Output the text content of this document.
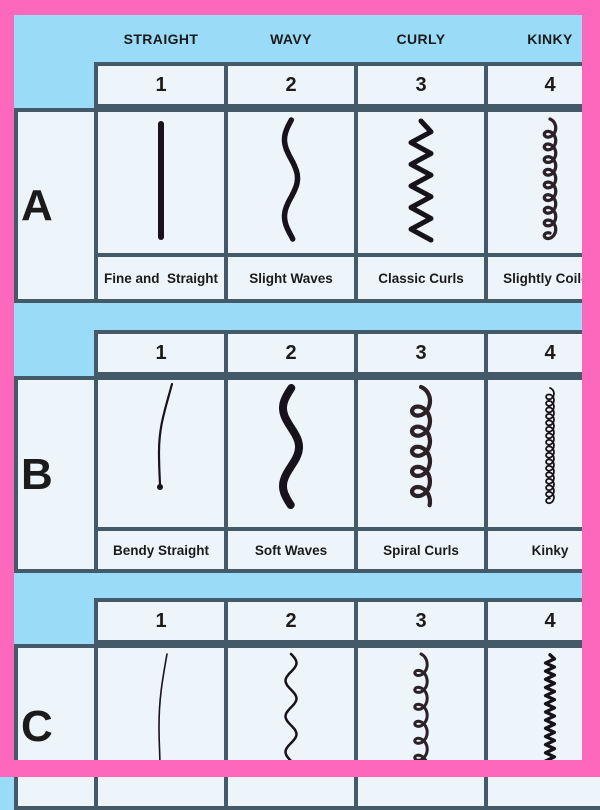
STRAIGHT	WAVY	CURLY	KINKY
1	2	3	4
A
Fine and  Straight	Slight Waves	Classic Curls	Slightly Coiled
1	2	3	4
B
Bendy Straight	Soft Waves	Spiral Curls	Kinky
1	2	3	4
C
